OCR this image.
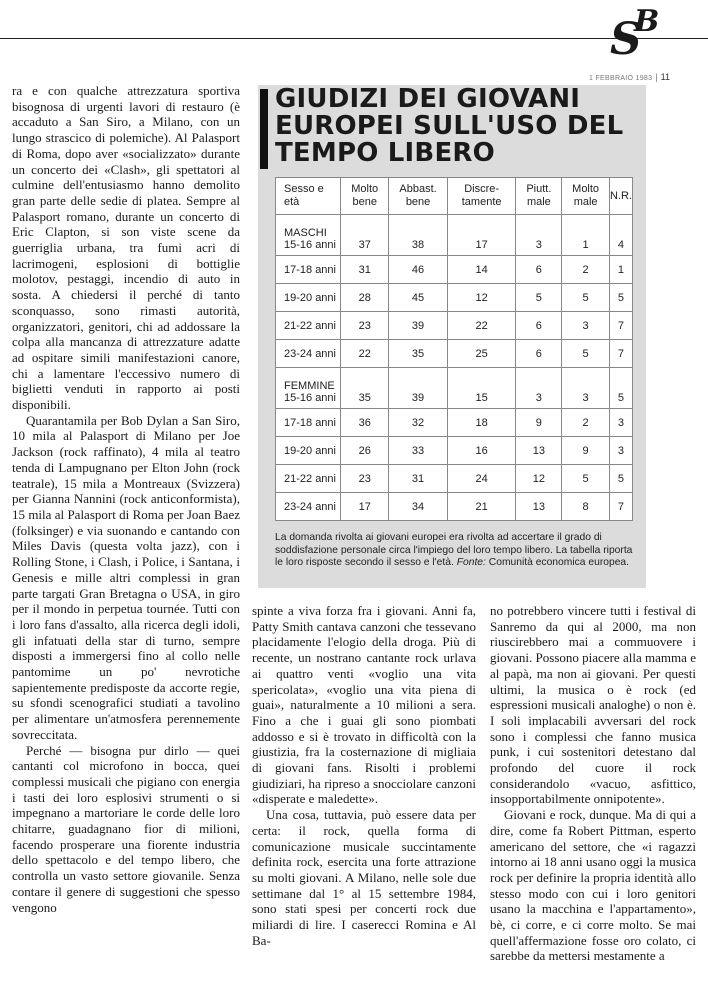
S
B
1 FEBBRAIO 1983 | 11

ra e con qualche attrezzatura sportiva bisognosa di urgenti lavori di restauro (è accaduto a San Siro, a Milano, con un lungo strascico di polemiche). Al Palasport di Roma, dopo aver «socializzato» durante un concerto dei «Clash», gli spettatori al culmine dell'entusiasmo hanno demolito gran parte delle sedie di platea. Sempre al Palasport romano, durante un concerto di Eric Clapton, si son viste scene da guerriglia urbana, tra fumi acri di lacrimogeni, esplosioni di bottiglie molotov, pestaggi, incendio di auto in sosta. A chiedersi il perché di tanto sconquasso, sono rimasti autorità, organizzatori, genitori, chi ad addossare la colpa alla mancanza di attrezzature adatte ad ospitare simili manifestazioni canore, chi a lamentare l'eccessivo numero di biglietti venduti in rapporto ai posti disponibili.

Quarantamila per Bob Dylan a San Siro, 10 mila al Palasport di Milano per Joe Jackson (rock raffinato), 4 mila al teatro tenda di Lampugnano per Elton John (rock teatrale), 15 mila a Montreaux (Svizzera) per Gianna Nannini (rock anticonformista), 15 mila al Palasport di Roma per Joan Baez (folksinger) e via suonando e cantando con Miles Davis (questa volta jazz), con i Rolling Stone, i Clash, i Police, i Santana, i Genesis e mille altri complessi in gran parte targati Gran Bretagna o USA, in giro per il mondo in perpetua tournée. Tutti con i loro fans d'assalto, alla ricerca degli idoli, gli infatuati della star di turno, sempre disposti a immergersi fino al collo nelle pantomime un po' nevrotiche sapientemente predisposte da accorte regie, su sfondi scenografici studiati a tavolino per alimentare un'atmosfera perennemente sovreccitata.

Perché — bisogna pur dirlo — quei cantanti col microfono in bocca, quei complessi musicali che pigiano con energia i tasti dei loro esplosivi strumenti o si impegnano a martoriare le corde delle loro chitarre, guadagnano fior di milioni, facendo prosperare una fiorente industria dello spettacolo e del tempo libero, che controlla un vasto settore giovanile. Senza contare il genere di suggestioni che spesso vengono

GIUDIZI DEI GIOVANI EUROPEI SULL'USO DEL TEMPO LIBERO
Sesso e età	Molto bene	Abbast. bene	Discre- tamente	Piutt. male	Molto male	N.R.
MASCHI
15-16 anni	37	38	17	3	1	4
17-18 anni	31	46	14	6	2	1
19-20 anni	28	45	12	5	5	5
21-22 anni	23	39	22	6	3	7
23-24 anni	22	35	25	6	5	7
FEMMINE
15-16 anni	35	39	15	3	3	5
17-18 anni	36	32	18	9	2	3
19-20 anni	26	33	16	13	9	3
21-22 anni	23	31	24	12	5	5
23-24 anni	17	34	21	13	8	7

La domanda rivolta ai giovani europei era rivolta ad accertare il grado di soddisfazione personale circa l'impiego del loro tempo libero. La tabella riporta le loro risposte secondo il sesso e l'età. Fonte: Comunità economica europea.

spinte a viva forza fra i giovani. Anni fa, Patty Smith cantava canzoni che tessevano placidamente l'elogio della droga. Più di recente, un nostrano cantante rock urlava ai quattro venti «voglio una vita spericolata», «voglio una vita piena di guai», naturalmente a 10 milioni a sera. Fino a che i guai gli sono piombati addosso e si è trovato in difficoltà con la giustizia, fra la costernazione di migliaia di giovani fans. Risolti i problemi giudiziari, ha ripreso a snocciolare canzoni «disperate e maledette».

Una cosa, tuttavia, può essere data per certa: il rock, quella forma di comunicazione musicale succintamente definita rock, esercita una forte attrazione su molti giovani. A Milano, nelle sole due settimane dal 1° al 15 settembre 1984, sono stati spesi per concerti rock due miliardi di lire. I caserecci Romina e Al Ba-

no potrebbero vincere tutti i festival di Sanremo da qui al 2000, ma non riuscirebbero mai a commuovere i giovani. Possono piacere alla mamma e al papà, ma non ai giovani. Per questi ultimi, la musica o è rock (ed espressioni musicali analoghe) o non è. I soli implacabili avversari del rock sono i complessi che fanno musica punk, i cui sostenitori detestano dal profondo del cuore il rock considerandolo «vacuo, asfittico, insopportabilmente onnipotente».

Giovani e rock, dunque. Ma di qui a dire, come fa Robert Pittman, esperto americano del settore, che «i ragazzi intorno ai 18 anni usano oggi la musica rock per definire la propria identità allo stesso modo con cui i loro genitori usano la macchina e l'appartamento», bè, ci corre, e ci corre molto. Se mai quell'affermazione fosse oro colato, ci sarebbe da mettersi mestamente a
